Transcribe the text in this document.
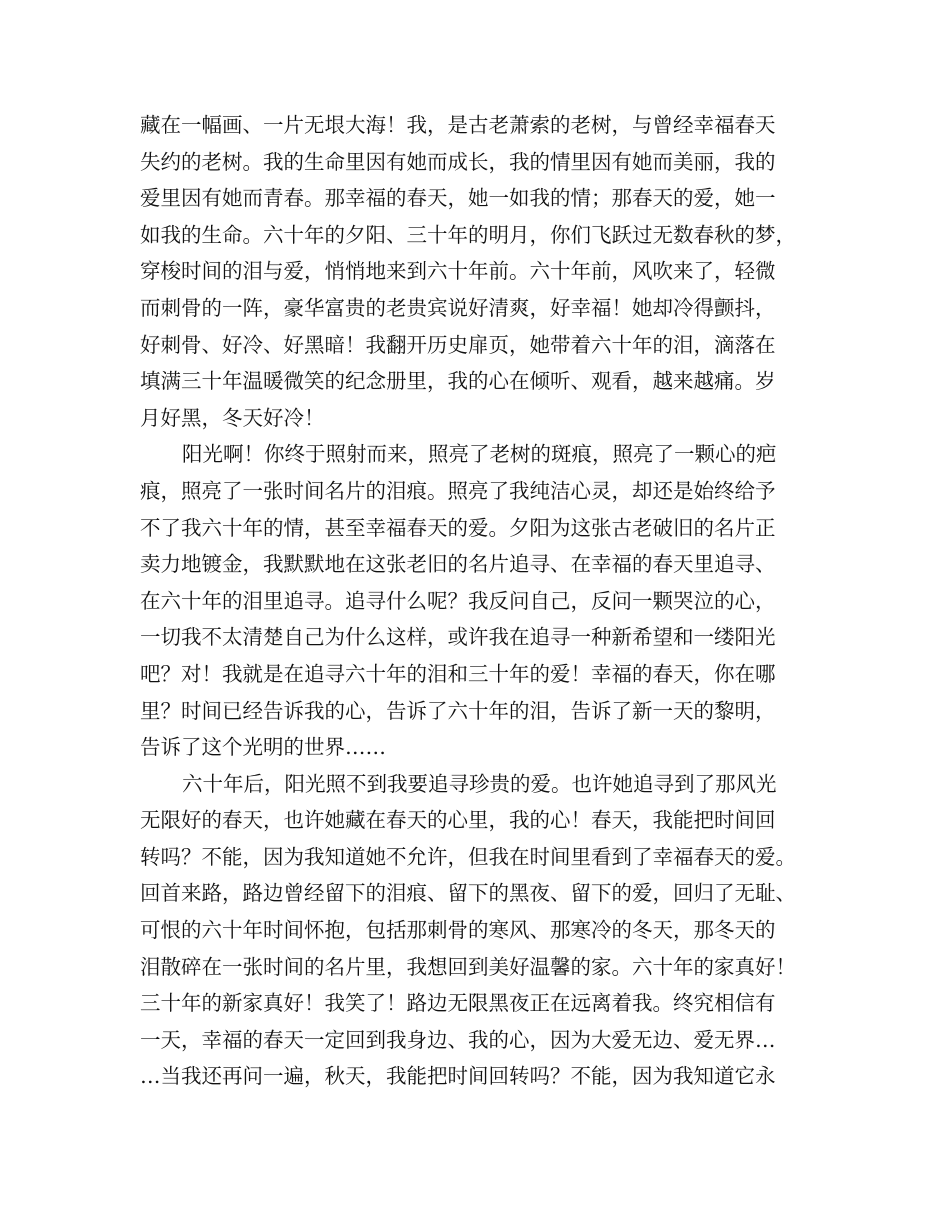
藏在一幅画、一片无垠大海！我，是古老萧索的老树，与曾经幸福春天
失约的老树。我的生命里因有她而成长，我的情里因有她而美丽，我的
爱里因有她而青春。那幸福的春天，她一如我的情；那春天的爱，她一
如我的生命。六十年的夕阳、三十年的明月，你们飞跃过无数春秋的梦，
穿梭时间的泪与爱，悄悄地来到六十年前。六十年前，风吹来了，轻微
而刺骨的一阵，豪华富贵的老贵宾说好清爽，好幸福！她却冷得颤抖，
好刺骨、好冷、好黑暗！我翻开历史扉页，她带着六十年的泪，滴落在
填满三十年温暖微笑的纪念册里，我的心在倾听、观看，越来越痛。岁
月好黑，冬天好冷！
阳光啊！你终于照射而来，照亮了老树的斑痕，照亮了一颗心的疤
痕，照亮了一张时间名片的泪痕。照亮了我纯洁心灵，却还是始终给予
不了我六十年的情，甚至幸福春天的爱。夕阳为这张古老破旧的名片正
卖力地镀金，我默默地在这张老旧的名片追寻、在幸福的春天里追寻、
在六十年的泪里追寻。追寻什么呢？我反问自己，反问一颗哭泣的心，
一切我不太清楚自己为什么这样，或许我在追寻一种新希望和一缕阳光
吧？对！我就是在追寻六十年的泪和三十年的爱！幸福的春天，你在哪
里？时间已经告诉我的心，告诉了六十年的泪，告诉了新一天的黎明，
告诉了这个光明的世界……
六十年后，阳光照不到我要追寻珍贵的爱。也许她追寻到了那风光
无限好的春天，也许她藏在春天的心里，我的心！春天，我能把时间回
转吗？不能，因为我知道她不允许，但我在时间里看到了幸福春天的爱。
回首来路，路边曾经留下的泪痕、留下的黑夜、留下的爱，回归了无耻、
可恨的六十年时间怀抱，包括那刺骨的寒风、那寒冷的冬天，那冬天的
泪散碎在一张时间的名片里，我想回到美好温馨的家。六十年的家真好！
三十年的新家真好！我笑了！路边无限黑夜正在远离着我。终究相信有
一天，幸福的春天一定回到我身边、我的心，因为大爱无边、爱无界…
…当我还再问一遍，秋天，我能把时间回转吗？不能，因为我知道它永
